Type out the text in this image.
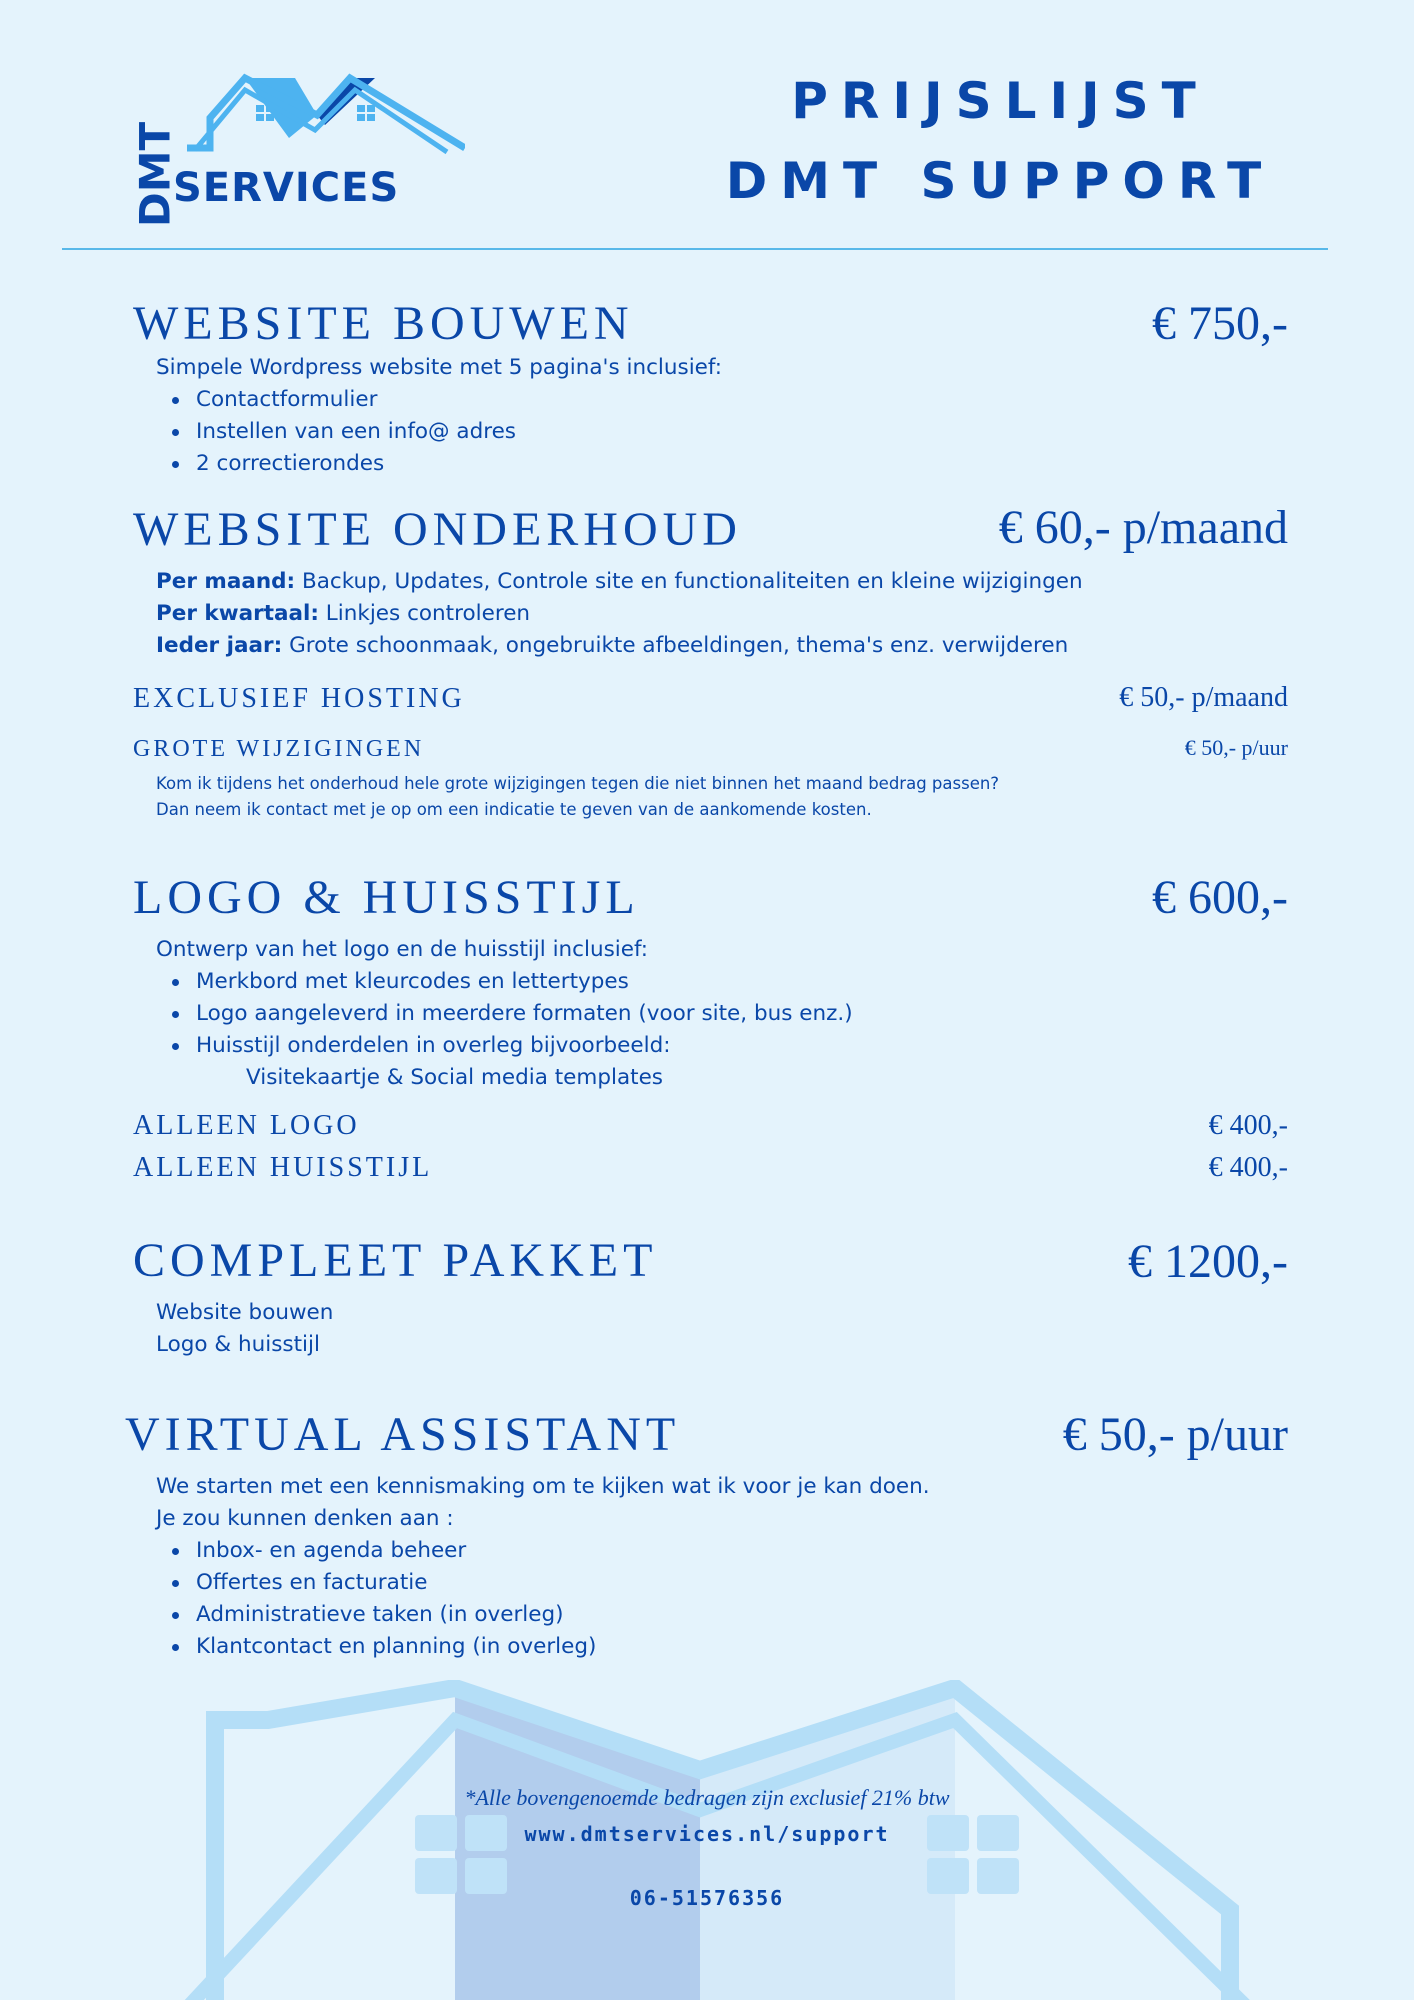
DMT
SERVICES
PRIJSLIJST
DMT SUPPORT
WEBSITE BOUWEN	€ 750,-
Simpele Wordpress website met 5 pagina's inclusief:
Contactformulier
Instellen van een info@ adres
2 correctierondes
WEBSITE ONDERHOUD	€ 60,- p/maand
Per maand: Backup, Updates, Controle site en functionaliteiten en kleine wijzigingen
Per kwartaal: Linkjes controleren
Ieder jaar: Grote schoonmaak, ongebruikte afbeeldingen, thema's enz. verwijderen
EXCLUSIEF HOSTING	€ 50,- p/maand
GROTE WIJZIGINGEN	€ 50,- p/uur
Kom ik tijdens het onderhoud hele grote wijzigingen tegen die niet binnen het maand bedrag passen?
Dan neem ik contact met je op om een indicatie te geven van de aankomende kosten.
LOGO & HUISSTIJL	€ 600,-
Ontwerp van het logo en de huisstijl inclusief:
Merkbord met kleurcodes en lettertypes
Logo aangeleverd in meerdere formaten (voor site, bus enz.)
Huisstijl onderdelen in overleg bijvoorbeeld:
Visitekaartje & Social media templates
ALLEEN LOGO	€ 400,-
ALLEEN HUISSTIJL	€ 400,-
COMPLEET PAKKET	€ 1200,-
Website bouwen
Logo & huisstijl
VIRTUAL ASSISTANT	€ 50,- p/uur
We starten met een kennismaking om te kijken wat ik voor je kan doen.
Je zou kunnen denken aan :
Inbox- en agenda beheer
Offertes en facturatie
Administratieve taken (in overleg)
Klantcontact en planning (in overleg)
*Alle bovengenoemde bedragen zijn exclusief 21% btw
www.dmtservices.nl/support
06-51576356
